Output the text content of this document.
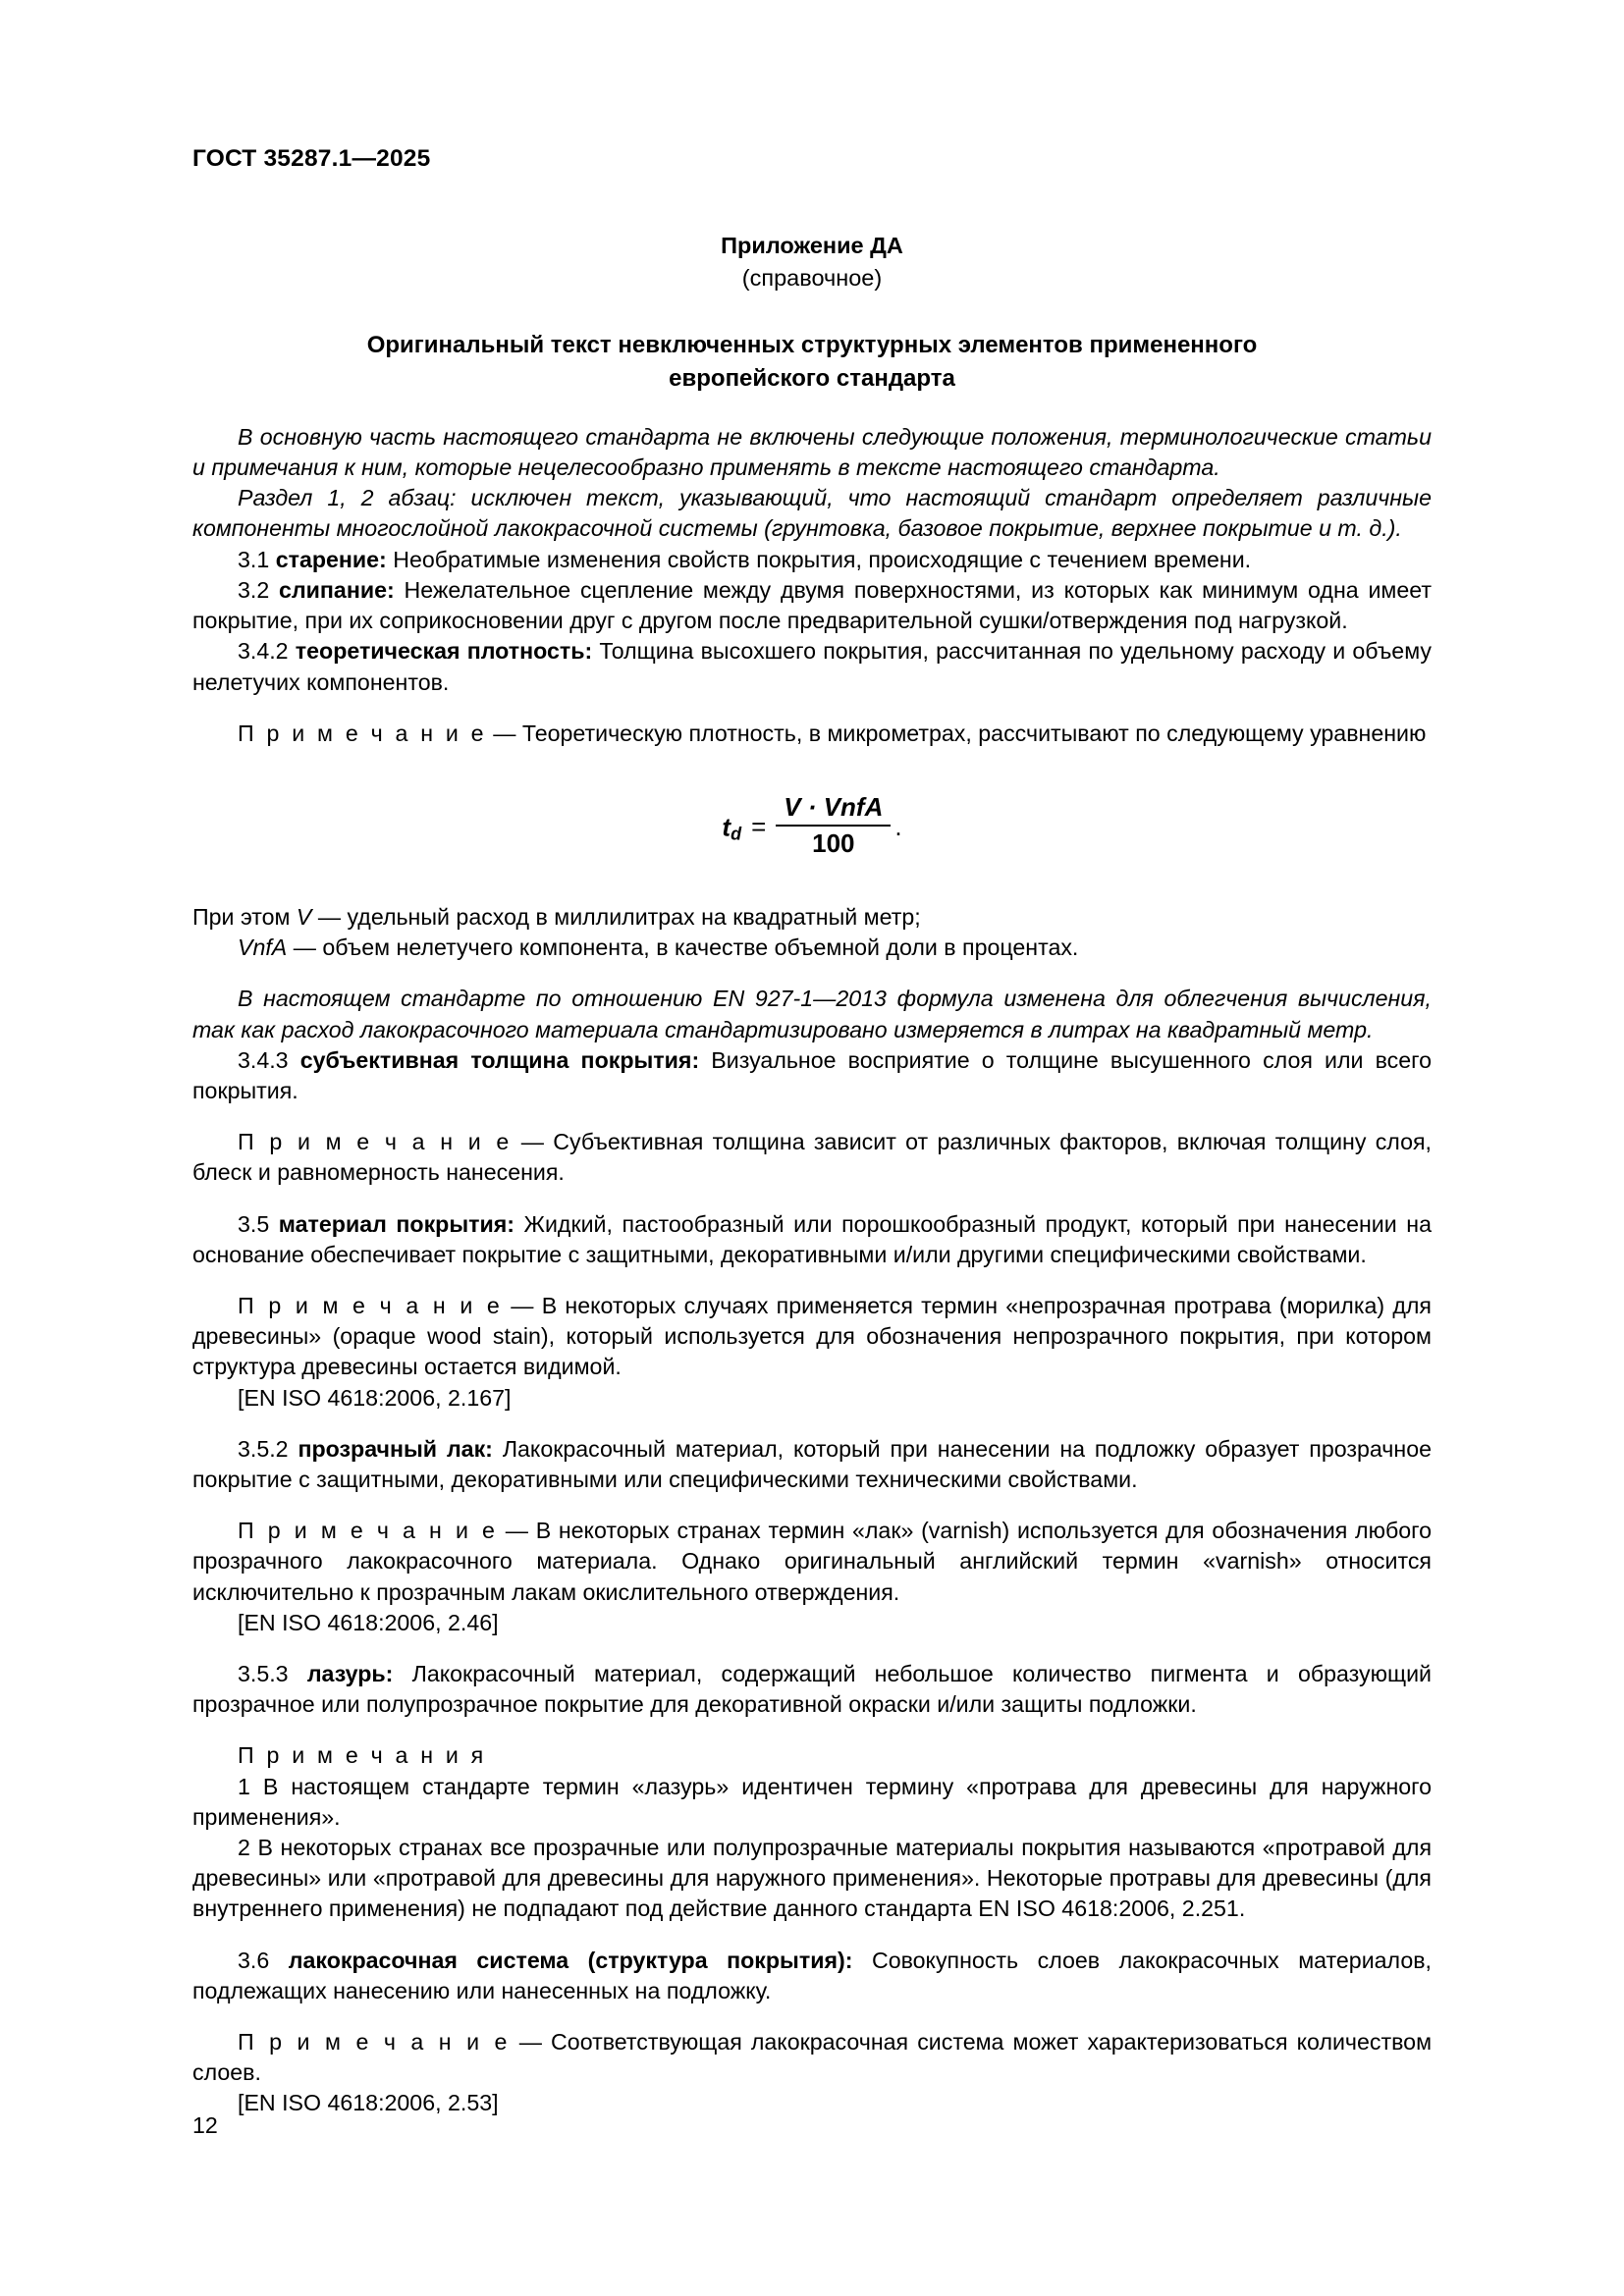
ГОСТ 35287.1—2025
Приложение ДА
(справочное)
Оригинальный текст невключенных структурных элементов примененного
европейского стандарта

В основную часть настоящего стандарта не включены следующие положения, терминологические статьи и примечания к ним, которые нецелесообразно применять в тексте настоящего стандарта.

Раздел 1, 2 абзац: исключен текст, указывающий, что настоящий стандарт определяет различные компоненты многослойной лакокрасочной системы (грунтовка, базовое покрытие, верхнее покрытие и т. д.).

3.1 старение: Необратимые изменения свойств покрытия, происходящие с течением времени.

3.2 слипание: Нежелательное сцепление между двумя поверхностями, из которых как минимум одна имеет покрытие, при их соприкосновении друг с другом после предварительной сушки/отверждения под нагрузкой.

3.4.2 теоретическая плотность: Толщина высохшего покрытия, рассчитанная по удельному расходу и объему нелетучих компонентов.

П р и м е ч а н и е — Теоретическую плотность, в микрометрах, рассчитывают по следующему уравнению

$t_d = \frac{\text{V · VnfA}}{100}$ .

При этом V — удельный расход в миллилитрах на квадратный метр;

VnfA — объем нелетучего компонента, в качестве объемной доли в процентах.

В настоящем стандарте по отношению EN 927-1—2013 формула изменена для облегчения вычисления, так как расход лакокрасочного материала стандартизировано измеряется в литрах на квадратный метр.

3.4.3 субъективная толщина покрытия: Визуальное восприятие о толщине высушенного слоя или всего покрытия.

П р и м е ч а н и е — Субъективная толщина зависит от различных факторов, включая толщину слоя, блеск и равномерность нанесения.

3.5 материал покрытия: Жидкий, пастообразный или порошкообразный продукт, который при нанесении на основание обеспечивает покрытие с защитными, декоративными и/или другими специфическими свойствами.

П р и м е ч а н и е — В некоторых случаях применяется термин «непрозрачная протрава (морилка) для древесины» (opaque wood stain), который используется для обозначения непрозрачного покрытия, при котором структура древесины остается видимой.

[EN ISO 4618:2006, 2.167]

3.5.2 прозрачный лак: Лакокрасочный материал, который при нанесении на подложку образует прозрачное покрытие с защитными, декоративными или специфическими техническими свойствами.

П р и м е ч а н и е — В некоторых странах термин «лак» (varnish) используется для обозначения любого прозрачного лакокрасочного материала. Однако оригинальный английский термин «varnish» относится исключительно к прозрачным лакам окислительного отверждения.

[EN ISO 4618:2006, 2.46]

3.5.3 лазурь: Лакокрасочный материал, содержащий небольшое количество пигмента и образующий прозрачное или полупрозрачное покрытие для декоративной окраски и/или защиты подложки.

П р и м е ч а н и я

1 В настоящем стандарте термин «лазурь» идентичен термину «протрава для древесины для наружного применения».

2 В некоторых странах все прозрачные или полупрозрачные материалы покрытия называются «протравой для древесины» или «протравой для древесины для наружного применения». Некоторые протравы для древесины (для внутреннего применения) не подпадают под действие данного стандарта EN ISO 4618:2006, 2.251.

3.6 лакокрасочная система (структура покрытия): Совокупность слоев лакокрасочных материалов, подлежащих нанесению или нанесенных на подложку.

П р и м е ч а н и е — Соответствующая лакокрасочная система может характеризоваться количеством слоев.

[EN ISO 4618:2006, 2.53]

12
